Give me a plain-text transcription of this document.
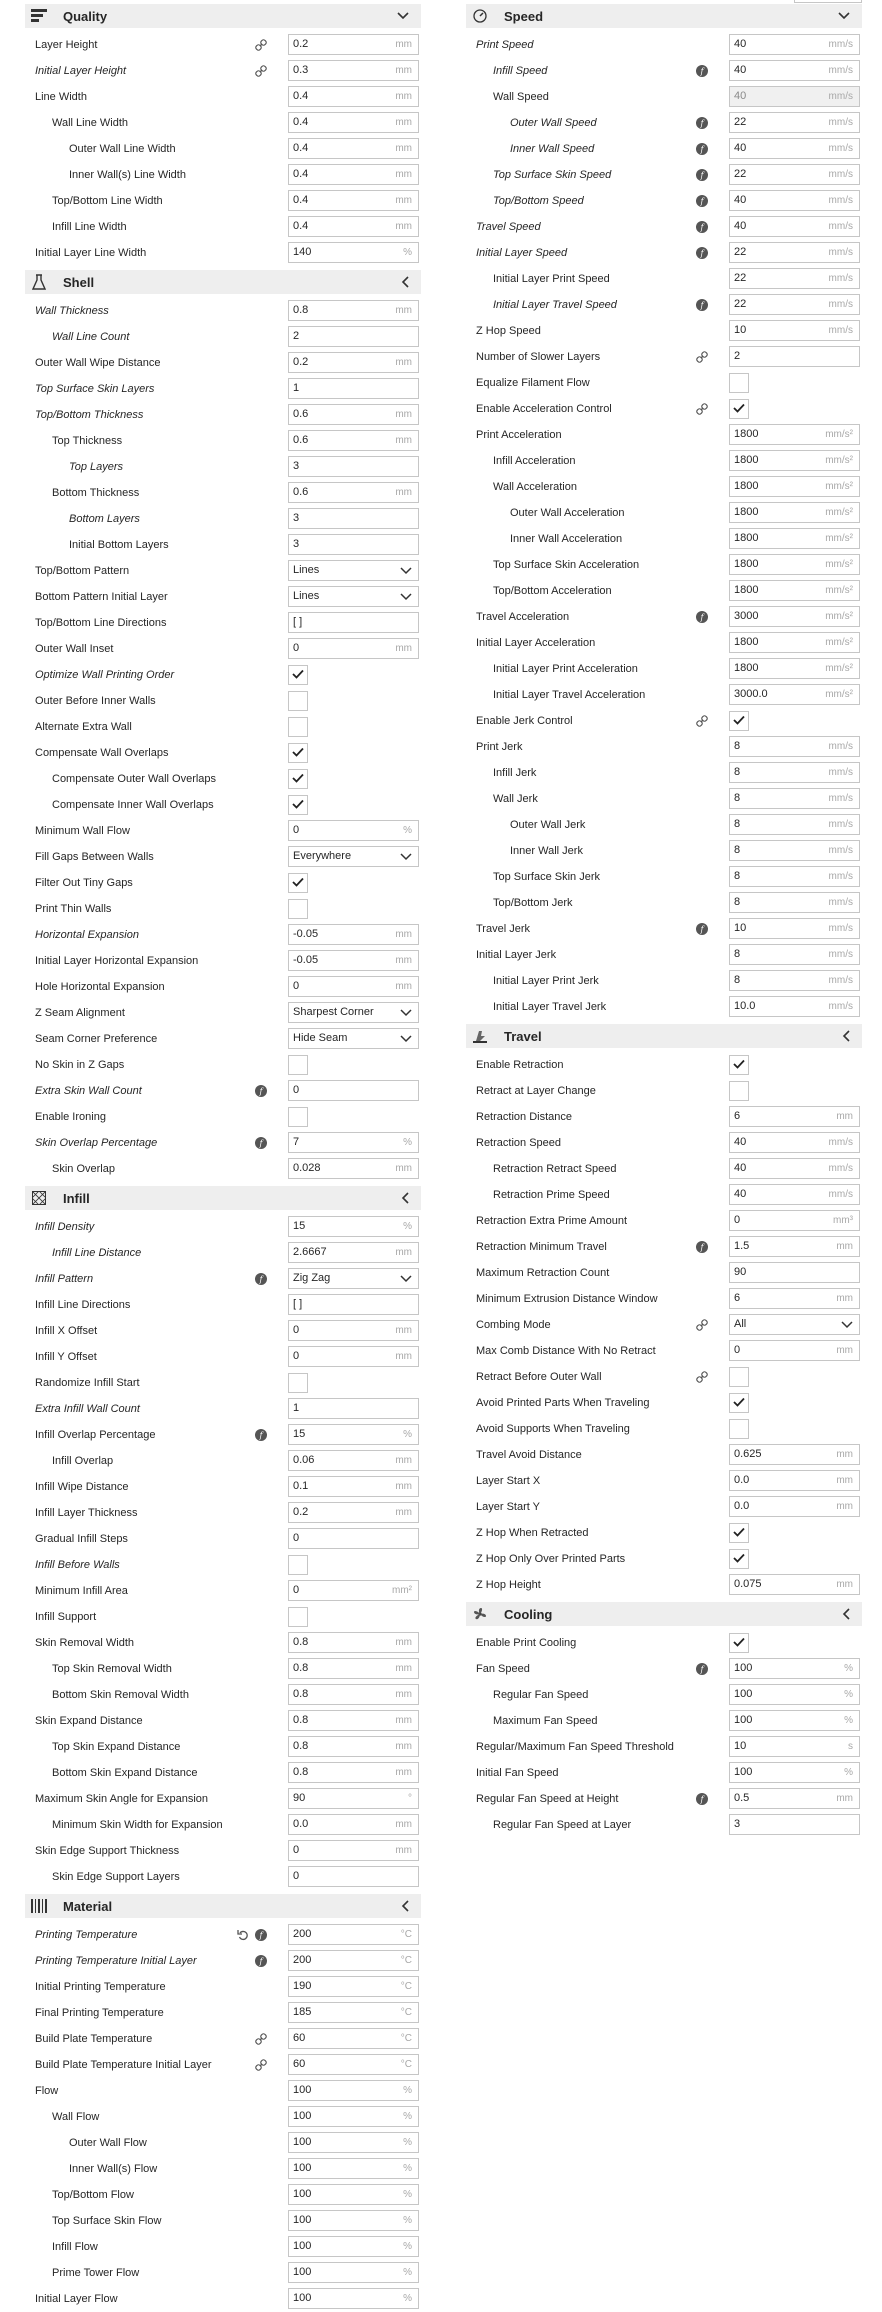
Quality
Layer Height	0.2	mm
Initial Layer Height	0.3	mm
Line Width	0.4	mm
Wall Line Width	0.4	mm
Outer Wall Line Width	0.4	mm
Inner Wall(s) Line Width	0.4	mm
Top/Bottom Line Width	0.4	mm
Infill Line Width	0.4	mm
Initial Layer Line Width	140	%
Shell
Wall Thickness	0.8	mm
Wall Line Count	2
Outer Wall Wipe Distance	0.2	mm
Top Surface Skin Layers	1
Top/Bottom Thickness	0.6	mm
Top Thickness	0.6	mm
Top Layers	3
Bottom Thickness	0.6	mm
Bottom Layers	3
Initial Bottom Layers	3
Top/Bottom Pattern	Lines
Bottom Pattern Initial Layer	Lines
Top/Bottom Line Directions	[ ]
Outer Wall Inset	0	mm
Optimize Wall Printing Order
Outer Before Inner Walls
Alternate Extra Wall
Compensate Wall Overlaps
Compensate Outer Wall Overlaps
Compensate Inner Wall Overlaps
Minimum Wall Flow	0	%
Fill Gaps Between Walls	Everywhere
Filter Out Tiny Gaps
Print Thin Walls
Horizontal Expansion	-0.05	mm
Initial Layer Horizontal Expansion	-0.05	mm
Hole Horizontal Expansion	0	mm
Z Seam Alignment	Sharpest Corner
Seam Corner Preference	Hide Seam
No Skin in Z Gaps
Extra Skin Wall Count	f	0
Enable Ironing
Skin Overlap Percentage	f	7	%
Skin Overlap	0.028	mm
Infill
Infill Density	15	%
Infill Line Distance	2.6667	mm
Infill Pattern	f	Zig Zag
Infill Line Directions	[ ]
Infill X Offset	0	mm
Infill Y Offset	0	mm
Randomize Infill Start
Extra Infill Wall Count	1
Infill Overlap Percentage	f	15	%
Infill Overlap	0.06	mm
Infill Wipe Distance	0.1	mm
Infill Layer Thickness	0.2	mm
Gradual Infill Steps	0
Infill Before Walls
Minimum Infill Area	0	mm²
Infill Support
Skin Removal Width	0.8	mm
Top Skin Removal Width	0.8	mm
Bottom Skin Removal Width	0.8	mm
Skin Expand Distance	0.8	mm
Top Skin Expand Distance	0.8	mm
Bottom Skin Expand Distance	0.8	mm
Maximum Skin Angle for Expansion	90	°
Minimum Skin Width for Expansion	0.0	mm
Skin Edge Support Thickness	0	mm
Skin Edge Support Layers	0
Material
Printing Temperature	f	200	°C
Printing Temperature Initial Layer	f	200	°C
Initial Printing Temperature	190	°C
Final Printing Temperature	185	°C
Build Plate Temperature	60	°C
Build Plate Temperature Initial Layer	60	°C
Flow	100	%
Wall Flow	100	%
Outer Wall Flow	100	%
Inner Wall(s) Flow	100	%
Top/Bottom Flow	100	%
Top Surface Skin Flow	100	%
Infill Flow	100	%
Prime Tower Flow	100	%
Initial Layer Flow	100	%
Speed
Print Speed	40	mm/s
Infill Speed	f	40	mm/s
Wall Speed	40	mm/s
Outer Wall Speed	f	22	mm/s
Inner Wall Speed	f	40	mm/s
Top Surface Skin Speed	f	22	mm/s
Top/Bottom Speed	f	40	mm/s
Travel Speed	f	40	mm/s
Initial Layer Speed	f	22	mm/s
Initial Layer Print Speed	22	mm/s
Initial Layer Travel Speed	f	22	mm/s
Z Hop Speed	10	mm/s
Number of Slower Layers	2
Equalize Filament Flow
Enable Acceleration Control
Print Acceleration	1800	mm/s²
Infill Acceleration	1800	mm/s²
Wall Acceleration	1800	mm/s²
Outer Wall Acceleration	1800	mm/s²
Inner Wall Acceleration	1800	mm/s²
Top Surface Skin Acceleration	1800	mm/s²
Top/Bottom Acceleration	1800	mm/s²
Travel Acceleration	f	3000	mm/s²
Initial Layer Acceleration	1800	mm/s²
Initial Layer Print Acceleration	1800	mm/s²
Initial Layer Travel Acceleration	3000.0	mm/s²
Enable Jerk Control
Print Jerk	8	mm/s
Infill Jerk	8	mm/s
Wall Jerk	8	mm/s
Outer Wall Jerk	8	mm/s
Inner Wall Jerk	8	mm/s
Top Surface Skin Jerk	8	mm/s
Top/Bottom Jerk	8	mm/s
Travel Jerk	f	10	mm/s
Initial Layer Jerk	8	mm/s
Initial Layer Print Jerk	8	mm/s
Initial Layer Travel Jerk	10.0	mm/s
Travel
Enable Retraction
Retract at Layer Change
Retraction Distance	6	mm
Retraction Speed	40	mm/s
Retraction Retract Speed	40	mm/s
Retraction Prime Speed	40	mm/s
Retraction Extra Prime Amount	0	mm³
Retraction Minimum Travel	f	1.5	mm
Maximum Retraction Count	90
Minimum Extrusion Distance Window	6	mm
Combing Mode	All
Max Comb Distance With No Retract	0	mm
Retract Before Outer Wall
Avoid Printed Parts When Traveling
Avoid Supports When Traveling
Travel Avoid Distance	0.625	mm
Layer Start X	0.0	mm
Layer Start Y	0.0	mm
Z Hop When Retracted
Z Hop Only Over Printed Parts
Z Hop Height	0.075	mm
Cooling
Enable Print Cooling
Fan Speed	f	100	%
Regular Fan Speed	100	%
Maximum Fan Speed	100	%
Regular/Maximum Fan Speed Threshold	10	s
Initial Fan Speed	100	%
Regular Fan Speed at Height	f	0.5	mm
Regular Fan Speed at Layer	3
